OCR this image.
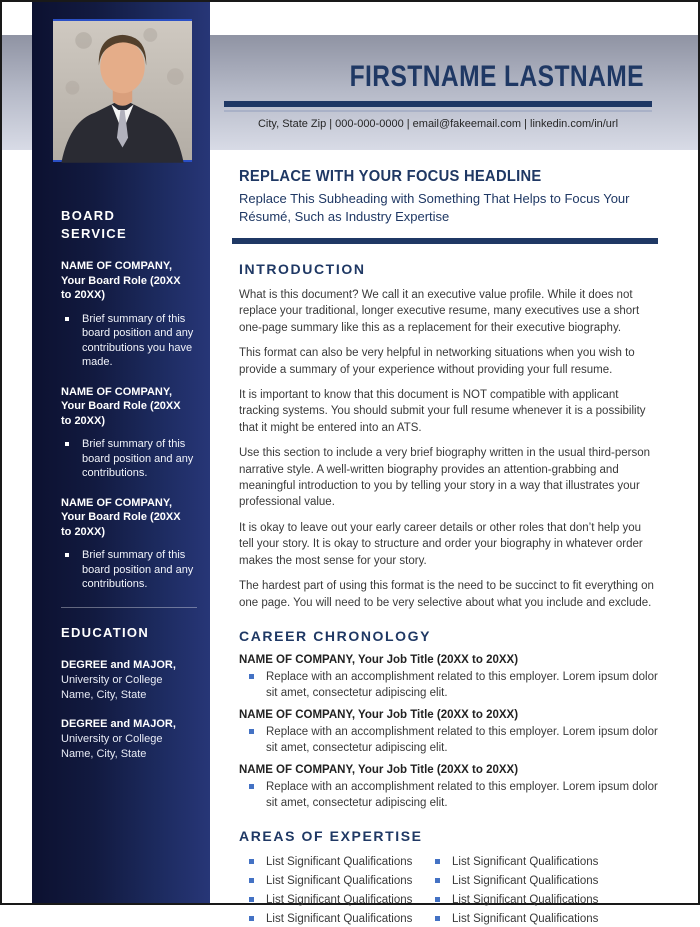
BOARD SERVICE
NAME OF COMPANY, Your Board Role (20XX to 20XX)
Brief summary of this board position and any contributions you have made.
NAME OF COMPANY, Your Board Role (20XX to 20XX)
Brief summary of this board position and any contributions.
NAME OF COMPANY, Your Board Role (20XX to 20XX)
Brief summary of this board position and any contributions.
EDUCATION
DEGREE and MAJOR,
University or College Name, City, State
DEGREE and MAJOR,
University or College Name, City, State
FIRSTNAME LASTNAME
City, State Zip | 000-000-0000 | email@fakeemail.com | linkedin.com/in/url
REPLACE WITH YOUR FOCUS HEADLINE

Replace This Subheading with Something That Helps to Focus Your Résumé, Such as Industry Expertise

INTRODUCTION

What is this document? We call it an executive value profile. While it does not replace your traditional, longer executive resume, many executives use a short one-page summary like this as a replacement for their executive biography.

This format can also be very helpful in networking situations when you wish to provide a summary of your experience without providing your full resume.

It is important to know that this document is NOT compatible with applicant tracking systems. You should submit your full resume whenever it is a possibility that it might be entered into an ATS.

Use this section to include a very brief biography written in the usual third-person narrative style. A well-written biography provides an attention-grabbing and meaningful introduction to you by telling your story in a way that illustrates your professional value.

It is okay to leave out your early career details or other roles that don’t help you tell your story. It is okay to structure and order your biography in whatever order makes the most sense for your story.

The hardest part of using this format is the need to be succinct to fit everything on one page. You will need to be very selective about what you include and exclude.

CAREER CHRONOLOGY
NAME OF COMPANY, Your Job Title (20XX to 20XX)
Replace with an accomplishment related to this employer. Lorem ipsum dolor sit amet, consectetur adipiscing elit.
NAME OF COMPANY, Your Job Title (20XX to 20XX)
Replace with an accomplishment related to this employer. Lorem ipsum dolor sit amet, consectetur adipiscing elit.
NAME OF COMPANY, Your Job Title (20XX to 20XX)
Replace with an accomplishment related to this employer. Lorem ipsum dolor sit amet, consectetur adipiscing elit.
AREAS OF EXPERTISE
List Significant Qualifications	List Significant Qualifications
List Significant Qualifications	List Significant Qualifications
List Significant Qualifications	List Significant Qualifications
List Significant Qualifications	List Significant Qualifications
